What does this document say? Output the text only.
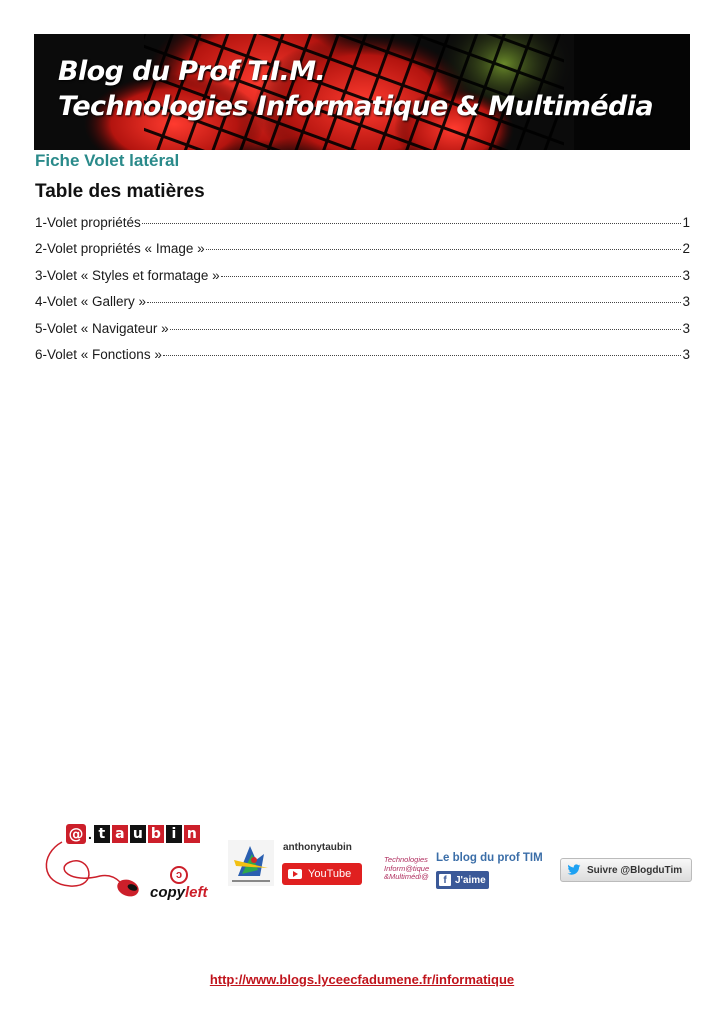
Blog du Prof T.I.M.
Technologies Informatique & Multimédia
Fiche Volet latéral
Table des matières
1-Volet propriétés	1
2-Volet propriétés « Image »	2
3-Volet « Styles et formatage »	3
4-Volet « Gallery »	3
5-Volet « Navigateur »	3
6-Volet « Fonctions »	3
@ . t a u b i n
ↄ
copyleft
anthonytaubin
YouTube
Technologies
Inform@tique
&Multimédi@
Le blog du prof TIM
f J'aime
Suivre @BlogduTim
http://www.blogs.lyceecfadumene.fr/informatique
